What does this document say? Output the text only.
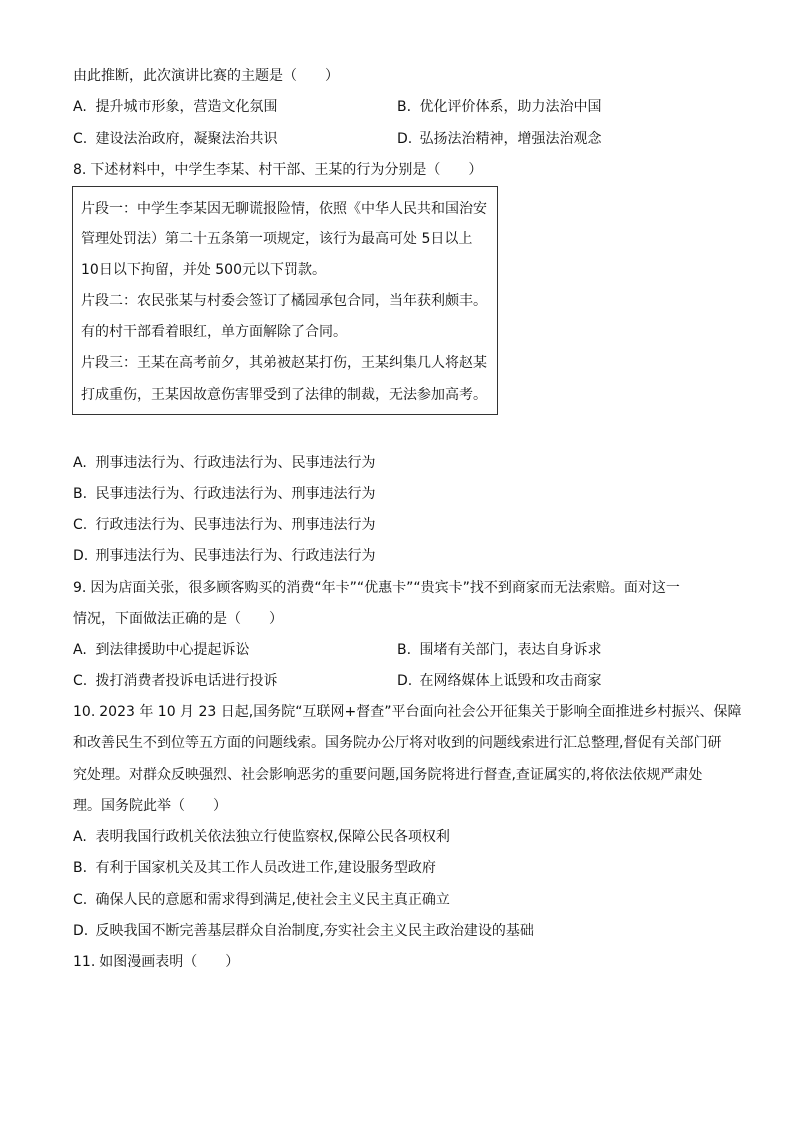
由此推断，此次演讲比赛的主题是（　　）
A. 提升城市形象，营造文化氛围	B. 优化评价体系，助力法治中国
C. 建设法治政府，凝聚法治共识	D. 弘扬法治精神，增强法治观念
8. 下述材料中，中学生李某、村干部、王某的行为分别是（　　）
片段一：中学生李某因无聊谎报险情，依照《中华人民共和国治安
管理处罚法）第二十五条第一项规定，该行为最高可处 5日以上
10日以下拘留，并处 500元以下罚款。
片段二：农民张某与村委会签订了橘园承包合同，当年获利颇丰。
有的村干部看着眼红，单方面解除了合同。
片段三：王某在高考前夕，其弟被赵某打伤，王某纠集几人将赵某
打成重伤，王某因故意伤害罪受到了法律的制裁，无法参加高考。
A. 刑事违法行为、行政违法行为、民事违法行为
B. 民事违法行为、行政违法行为、刑事违法行为
C. 行政违法行为、民事违法行为、刑事违法行为
D. 刑事违法行为、民事违法行为、行政违法行为
9. 因为店面关张，很多顾客购买的消费“年卡”“优惠卡”“贵宾卡”找不到商家而无法索赔。面对这一
情况，下面做法正确的是（　　）
A. 到法律援助中心提起诉讼	B. 围堵有关部门，表达自身诉求
C. 拨打消费者投诉电话进行投诉	D. 在网络媒体上诋毁和攻击商家
10. 2023 年 10 月 23 日起,国务院“互联网+督查”平台面向社会公开征集关于影响全面推进乡村振兴、保障
和改善民生不到位等五方面的问题线索。国务院办公厅将对收到的问题线索进行汇总整理,督促有关部门研
究处理。对群众反映强烈、社会影响恶劣的重要问题,国务院将进行督查,查证属实的,将依法依规严肃处
理。国务院此举（　　）
A. 表明我国行政机关依法独立行使监察权,保障公民各项权利
B. 有利于国家机关及其工作人员改进工作,建设服务型政府
C. 确保人民的意愿和需求得到满足,使社会主义民主真正确立
D. 反映我国不断完善基层群众自治制度,夯实社会主义民主政治建设的基础
11. 如图漫画表明（　　）
